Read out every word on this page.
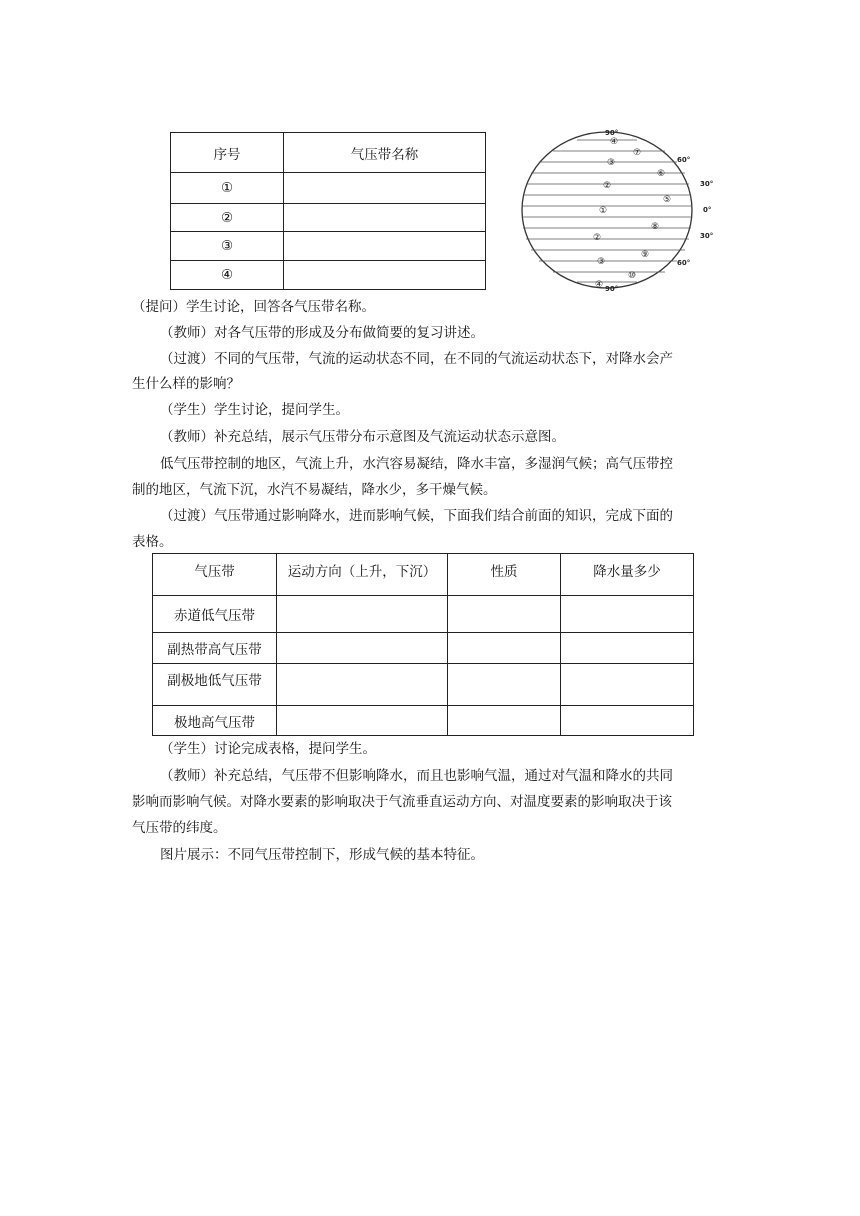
序号	气压带名称
①	
②	
③	
④	
90°
60°
30°
0°
30°
60°
90°
④
⑦
③
⑥
②
⑤
①
⑧
②
⑨
③
⑩
④
（提问）学生讨论，回答各气压带名称。
（教师）对各气压带的形成及分布做简要的复习讲述。
（过渡）不同的气压带，气流的运动状态不同，在不同的气流运动状态下，对降水会产
生什么样的影响？
（学生）学生讨论，提问学生。
（教师）补充总结，展示气压带分布示意图及气流运动状态示意图。
低气压带控制的地区，气流上升，水汽容易凝结，降水丰富，多湿润气候；高气压带控
制的地区，气流下沉，水汽不易凝结，降水少，多干燥气候。
（过渡）气压带通过影响降水，进而影响气候，下面我们结合前面的知识，完成下面的
表格。
气压带	运动方向（上升，下沉）	性质	降水量多少
赤道低气压带			
副热带高气压带			
副极地低气压带			
极地高气压带			
（学生）讨论完成表格，提问学生。
（教师）补充总结，气压带不但影响降水，而且也影响气温，通过对气温和降水的共同
影响而影响气候。对降水要素的影响取决于气流垂直运动方向、对温度要素的影响取决于该
气压带的纬度。
图片展示：不同气压带控制下，形成气候的基本特征。
